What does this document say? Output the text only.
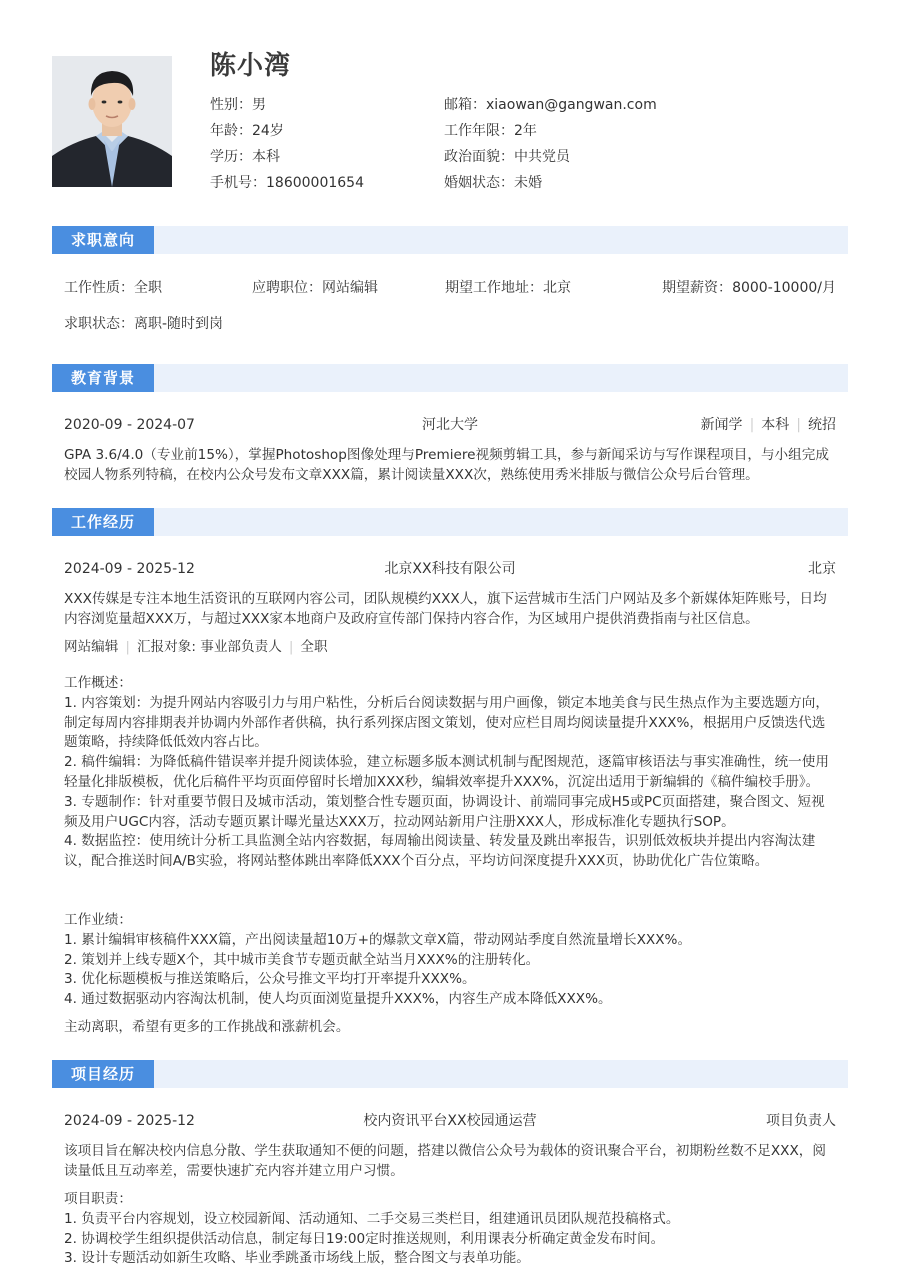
陈小湾
性别：男	邮箱：xiaowan@gangwan.com
年龄：24岁	工作年限：2年
学历：本科	政治面貌：中共党员
手机号：18600001654	婚姻状态：未婚
求职意向
工作性质：全职	应聘职位：网站编辑	期望工作地址：北京	期望薪资：8000-10000/月
求职状态：离职-随时到岗
教育背景
2020-09 - 2024-07	河北大学	新闻学 | 本科 | 统招

GPA 3.6/4.0（专业前15%），掌握Photoshop图像处理与Premiere视频剪辑工具，参与新闻采访与写作课程项目，与小组完成校园人物系列特稿，在校内公众号发布文章XXX篇，累计阅读量XXX次，熟练使用秀米排版与微信公众号后台管理。

工作经历
2024-09 - 2025-12	北京XX科技有限公司	北京

XXX传媒是专注本地生活资讯的互联网内容公司，团队规模约XXX人，旗下运营城市生活门户网站及多个新媒体矩阵账号，日均内容浏览量超XXX万，与超过XXX家本地商户及政府宣传部门保持内容合作，为区域用户提供消费指南与社区信息。

网站编辑 | 汇报对象: 事业部负责人 | 全职

工作概述：

1. 内容策划：为提升网站内容吸引力与用户粘性，分析后台阅读数据与用户画像，锁定本地美食与民生热点作为主要选题方向，制定每周内容排期表并协调内外部作者供稿，执行系列探店图文策划，使对应栏目周均阅读量提升XXX%，根据用户反馈迭代选题策略，持续降低低效内容占比。

2. 稿件编辑：为降低稿件错误率并提升阅读体验，建立标题多版本测试机制与配图规范，逐篇审核语法与事实准确性，统一使用轻量化排版模板，优化后稿件平均页面停留时长增加XXX秒，编辑效率提升XXX%，沉淀出适用于新编辑的《稿件编校手册》。

3. 专题制作：针对重要节假日及城市活动，策划整合性专题页面，协调设计、前端同事完成H5或PC页面搭建，聚合图文、短视频及用户UGC内容，活动专题页累计曝光量达XXX万，拉动网站新用户注册XXX人，形成标准化专题执行SOP。

4. 数据监控：使用统计分析工具监测全站内容数据，每周输出阅读量、转发量及跳出率报告，识别低效板块并提出内容淘汰建议，配合推送时间A/B实验，将网站整体跳出率降低XXX个百分点，平均访问深度提升XXX页，协助优化广告位策略。

工作业绩：

1. 累计编辑审核稿件XXX篇，产出阅读量超10万+的爆款文章X篇，带动网站季度自然流量增长XXX%。

2. 策划并上线专题X个，其中城市美食节专题贡献全站当月XXX%的注册转化。

3. 优化标题模板与推送策略后，公众号推文平均打开率提升XXX%。

4. 通过数据驱动内容淘汰机制，使人均页面浏览量提升XXX%，内容生产成本降低XXX%。

主动离职，希望有更多的工作挑战和涨薪机会。

项目经历
2024-09 - 2025-12	校内资讯平台XX校园通运营	项目负责人

该项目旨在解决校内信息分散、学生获取通知不便的问题，搭建以微信公众号为载体的资讯聚合平台，初期粉丝数不足XXX，阅读量低且互动率差，需要快速扩充内容并建立用户习惯。

项目职责：

1. 负责平台内容规划，设立校园新闻、活动通知、二手交易三类栏目，组建通讯员团队规范投稿格式。

2. 协调校学生组织提供活动信息，制定每日19:00定时推送规则，利用课表分析确定黄金发布时间。

3. 设计专题活动如新生攻略、毕业季跳蚤市场线上版，整合图文与表单功能。
